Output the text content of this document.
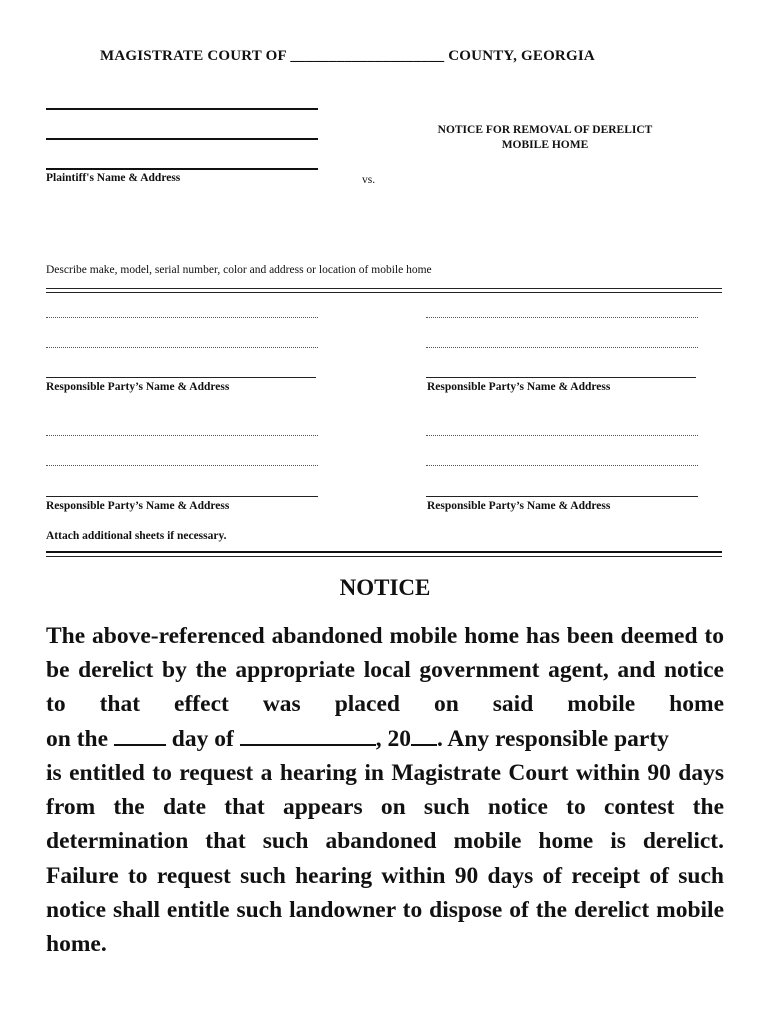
MAGISTRATE COURT OF ____________________ COUNTY, GEORGIA
Plaintiff's Name & Address	vs.
NOTICE FOR REMOVAL OF DERELICT
MOBILE HOME
Describe make, model, serial number, color and address or location of mobile home
Responsible Party’s Name & Address	Responsible Party’s Name & Address
Responsible Party’s Name & Address	Responsible Party’s Name & Address
Attach additional sheets if necessary.
NOTICE
The above-referenced abandoned mobile home has been deemed to be derelict by the appropriate local government agent, and notice to that effect was placed on said mobile home
on the	day of	, 20 . Any responsible party
is entitled to request a hearing in Magistrate Court within 90 days from the date that appears on such notice to contest the determination that such abandoned mobile home is derelict. Failure to request such hearing within 90 days of receipt of such notice shall entitle such landowner to dispose of the derelict mobile home.
